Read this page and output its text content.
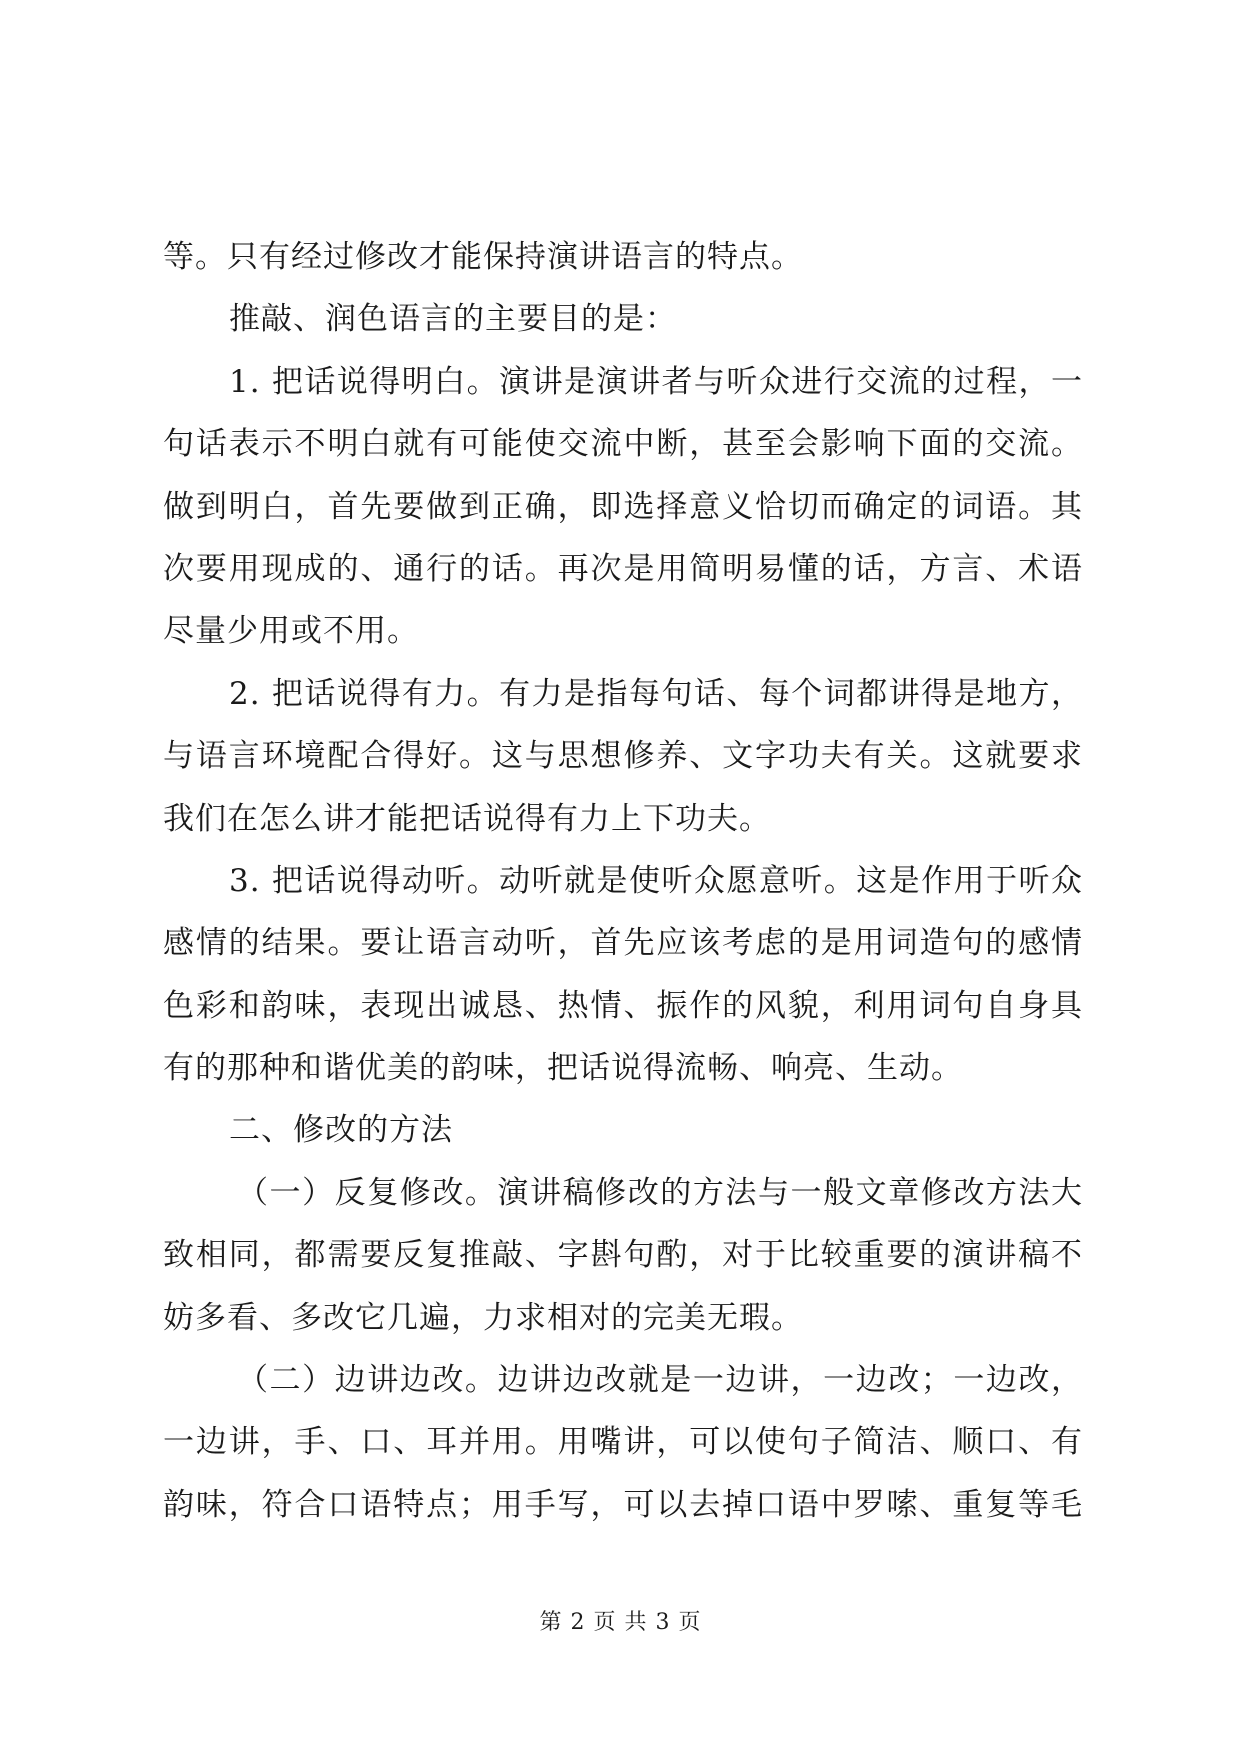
等。只有经过修改才能保持演讲语言的特点。
推敲、润色语言的主要目的是：
1. 把话说得明白。演讲是演讲者与听众进行交流的过程，一
句话表示不明白就有可能使交流中断，甚至会影响下面的交流。
做到明白，首先要做到正确，即选择意义恰切而确定的词语。其
次要用现成的、通行的话。再次是用简明易懂的话，方言、术语
尽量少用或不用。
2. 把话说得有力。有力是指每句话、每个词都讲得是地方，
与语言环境配合得好。这与思想修养、文字功夫有关。这就要求
我们在怎么讲才能把话说得有力上下功夫。
3. 把话说得动听。动听就是使听众愿意听。这是作用于听众
感情的结果。要让语言动听，首先应该考虑的是用词造句的感情
色彩和韵味，表现出诚恳、热情、振作的风貌，利用词句自身具
有的那种和谐优美的韵味，把话说得流畅、响亮、生动。
二、修改的方法
（一）反复修改。演讲稿修改的方法与一般文章修改方法大
致相同，都需要反复推敲、字斟句酌，对于比较重要的演讲稿不
妨多看、多改它几遍，力求相对的完美无瑕。
（二）边讲边改。边讲边改就是一边讲，一边改；一边改，
一边讲，手、口、耳并用。用嘴讲，可以使句子简洁、顺口、有
韵味，符合口语特点；用手写，可以去掉口语中罗嗦、重复等毛
第 2 页 共 3 页
